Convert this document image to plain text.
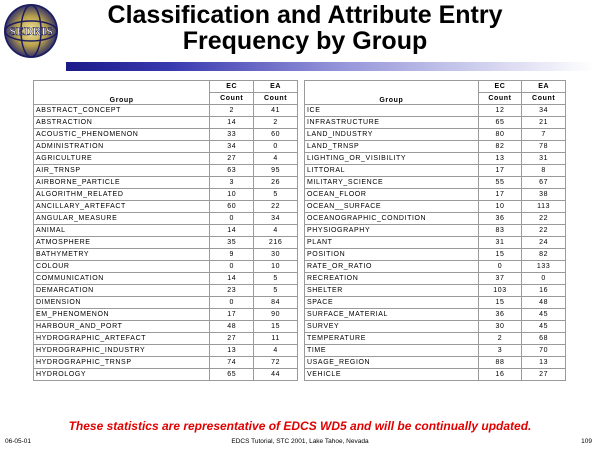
SEDRIS
Classification and Attribute Entry
Frequency by Group
Group	EC	EA
	Count	Count
ABSTRACT_CONCEPT	2	41
ABSTRACTION	14	2
ACOUSTIC_PHENOMENON	33	60
ADMINISTRATION	34	0
AGRICULTURE	27	4
AIR_TRNSP	63	95
AIRBORNE_PARTICLE	3	26
ALGORITHM_RELATED	10	5
ANCILLARY_ARTEFACT	60	22
ANGULAR_MEASURE	0	34
ANIMAL	14	4
ATMOSPHERE	35	216
BATHYMETRY	9	30
COLOUR	0	10
COMMUNICATION	14	5
DEMARCATION	23	5
DIMENSION	0	84
EM_PHENOMENON	17	90
HARBOUR_AND_PORT	48	15
HYDROGRAPHIC_ARTEFACT	27	11
HYDROGRAPHIC_INDUSTRY	13	4
HYDROGRAPHIC_TRNSP	74	72
HYDROLOGY	65	44
Group	EC	EA
	Count	Count
ICE	12	34
INFRASTRUCTURE	65	21
LAND_INDUSTRY	80	7
LAND_TRNSP	82	78
LIGHTING_OR_VISIBILITY	13	31
LITTORAL	17	8
MILITARY_SCIENCE	55	67
OCEAN_FLOOR	17	38
OCEAN__SURFACE	10	113
OCEANOGRAPHIC_CONDITION	36	22
PHYSIOGRAPHY	83	22
PLANT	31	24
POSITION	15	82
RATE_OR_RATIO	0	133
RECREATION	37	0
SHELTER	103	16
SPACE	15	48
SURFACE_MATERIAL	36	45
SURVEY	30	45
TEMPERATURE	2	68
TIME	3	70
USAGE_REGION	88	13
VEHICLE	16	27
These statistics are representative of EDCS WD5 and will be continually updated.
06-05-01	EDCS Tutorial, STC 2001, Lake Tahoe, Nevada	109
